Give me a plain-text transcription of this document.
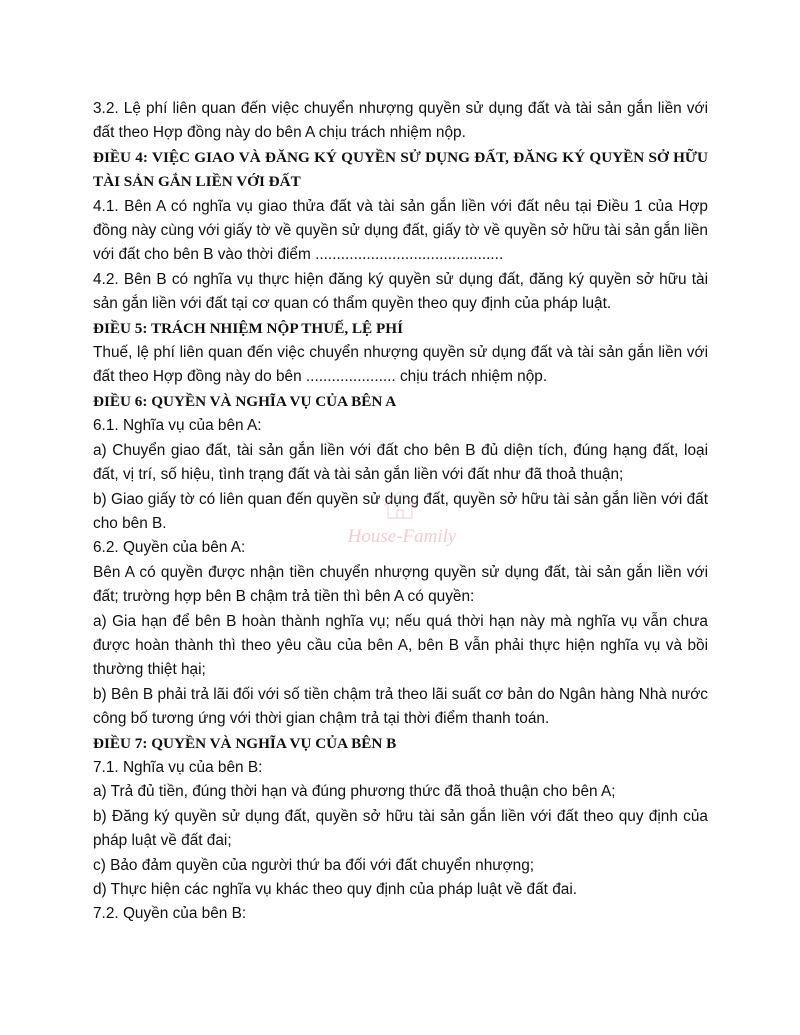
3.2. Lệ phí liên quan đến việc chuyển nhượng quyền sử dụng đất và tài sản gắn liền với đất theo Hợp đồng này do bên A chịu trách nhiệm nộp.

ĐIỀU 4: VIỆC GIAO VÀ ĐĂNG KÝ QUYỀN SỬ DỤNG ĐẤT, ĐĂNG KÝ QUYỀN SỞ HỮU TÀI SẢN GẮN LIỀN VỚI ĐẤT

4.1. Bên A có nghĩa vụ giao thửa đất và tài sản gắn liền với đất nêu tại Điều 1 của Hợp đồng này cùng với giấy tờ về quyền sử dụng đất, giấy tờ về quyền sở hữu tài sản gắn liền với đất cho bên B vào thời điểm ............................................

4.2. Bên B có nghĩa vụ thực hiện đăng ký quyền sử dụng đất, đăng ký quyền sở hữu tài sản gắn liền với đất tại cơ quan có thẩm quyền theo quy định của pháp luật.

ĐIỀU 5: TRÁCH NHIỆM NỘP THUẾ, LỆ PHÍ

Thuế, lệ phí liên quan đến việc chuyển nhượng quyền sử dụng đất và tài sản gắn liền với đất theo Hợp đồng này do bên ..................... chịu trách nhiệm nộp.

ĐIỀU 6: QUYỀN VÀ NGHĨA VỤ CỦA BÊN A

6.1. Nghĩa vụ của bên A:

a) Chuyển giao đất, tài sản gắn liền với đất cho bên B đủ diện tích, đúng hạng đất, loại đất, vị trí, số hiệu, tình trạng đất và tài sản gắn liền với đất như đã thoả thuận;

b) Giao giấy tờ có liên quan đến quyền sử dụng đất, quyền sở hữu tài sản gắn liền với đất cho bên B.

6.2. Quyền của bên A:

Bên A có quyền được nhận tiền chuyển nhượng quyền sử dụng đất, tài sản gắn liền với đất; trường hợp bên B chậm trả tiền thì bên A có quyền:

a) Gia hạn để bên B hoàn thành nghĩa vụ; nếu quá thời hạn này mà nghĩa vụ vẫn chưa được hoàn thành thì theo yêu cầu của bên A, bên B vẫn phải thực hiện nghĩa vụ và bồi thường thiệt hại;

b) Bên B phải trả lãi đối với số tiền chậm trả theo lãi suất cơ bản do Ngân hàng Nhà nước công bố tương ứng với thời gian chậm trả tại thời điểm thanh toán.

ĐIỀU 7: QUYỀN VÀ NGHĨA VỤ CỦA BÊN B

7.1. Nghĩa vụ của bên B:

a) Trả đủ tiền, đúng thời hạn và đúng phương thức đã thoả thuận cho bên A;

b) Đăng ký quyền sử dụng đất, quyền sở hữu tài sản gắn liền với đất theo quy định của pháp luật về đất đai;

c) Bảo đảm quyền của người thứ ba đối với đất chuyển nhượng;

d) Thực hiện các nghĩa vụ khác theo quy định của pháp luật về đất đai.

7.2. Quyền của bên B:

House-Family
